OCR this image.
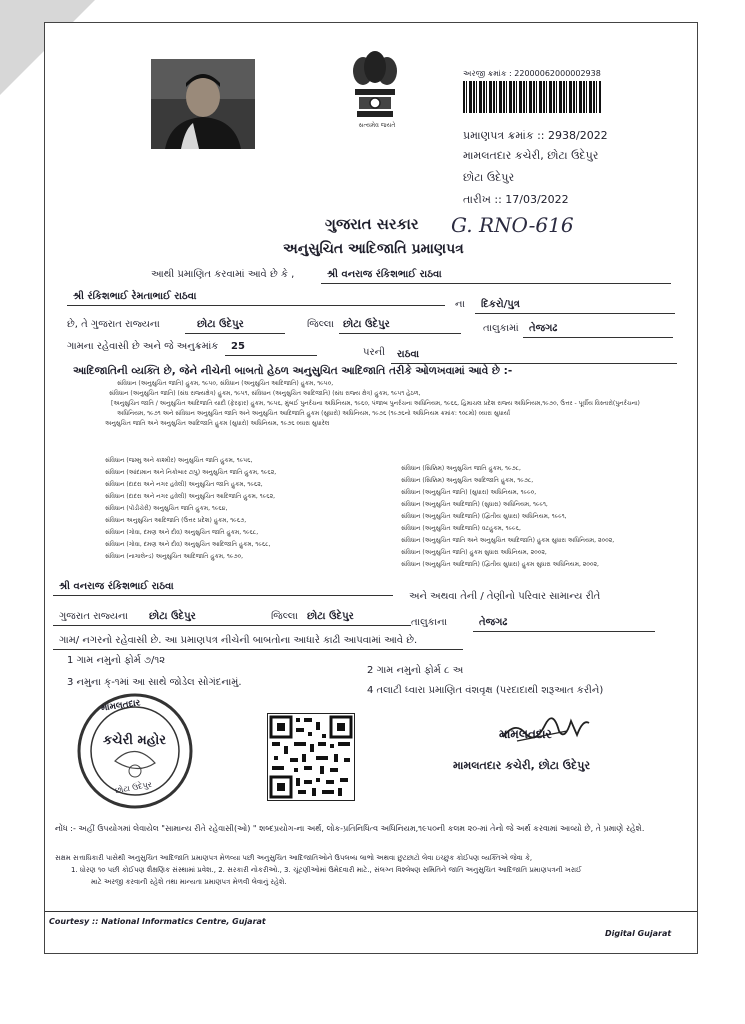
સત્યમેવ જયતે
અરજી ક્રમાંક : 22000062000002938
પ્રમાણપત્ર ક્રમાંક :: 2938/2022
મામલતદાર કચેરી, છોટા ઉદેપુર
છોટા ઉદેપુર
તારીખ :: 17/03/2022
G. RNO-616
ગુજરાત સરકાર
અનુસુચિત આદિજાતિ પ્રમાણપત્ર
આથી પ્રમાણિત કરવામાં આવે છે કે ,	શ્રી વનરાજ રંકિશભાઈ રાઠવા
શ્રી રંકિશભાઈ રેમતાભાઈ રાઠવા
ના દિકરો/પુત્ર
છે, તે ગુજરાત રાજ્યના	છોટા ઉદેપુર	જિલ્લા છોટા ઉદેપુર	તાલુકામાં તેજગઢ
ગામના રહેવાસી છે અને જે અનુક્રમાંક 25
પરની રાઠવા
આદિજાતિની વ્યક્તિ છે, જેને નીચેની બાબતો હેઠળ અનુસુચિત આદિજાતિ તરીકે ઓળખવામાં આવે છે :-
સંવિધાન (અનુસુચિત જાતિ) હુકમ, ૧૯૫૦, સંવિધાન (અનુસુચિત આદિજાતિ) હુકમ, ૧૯૫૦,
સંવિધાન (અનુસુચિત જાતિ) (સંઘ રાજ્યક્ષેત્ર) હુકમ, ૧૯૫૧, સંવિધાન (અનુસુચિત આદિજાતિ) (સંઘ રાજ્ય ક્ષેત્ર) હુકમ, ૧૯૫૧ હેઠળ,
[અનુસુચિત જાતિ / અનુસુચિત આદિજાતિ યાદી (ફેરફાર) હુકમ, ૧૯૫૬, મુંબઈ પુનર્રચના અધિનિયમ, ૧૯૬૦, પંજાબ પુનર્રચના અધિનિયમ, ૧૯૬૬, હિમાચલ પ્રદેશ રાજ્ય અધિનિયમ,૧૯૭૦, ઉત્તર - પૂર્વીય વિસ્તારો(પુનર્રચના)
અધિનિયમ, ૧૯૭૧ અને સંવિધાન અનુસુચિત જાતિ અને અનુસુચિત આદિજાતિ હુકમ (સુધારો) અધિનિયમ, ૧૯૭૬ (૧૯૭૬નો અધિનિયમ ક્રમાંક: ૧૦૮મો) વ્યારા સુધાર્યા
અનુસુચિત જાતિ અને અનુસુચિત આદિજાતિ હુકમ (સુધારો) અધિનિયમ, ૧૯૭૬ વ્યારા સુધારેલ
સંવિધાન (જમ્મુ અને કાશ્મીર) અનુસુચિત જાતિ હુકમ, ૧૯૫૬,
સંવિધાન (આંદામાન અને નિકોબાર ટાપુ) અનુસુચિત જાતિ હુકમ, ૧૯૬૨,
સંવિધાન (દાદરા અને નગર હવેલી) અનુસુચિત જાતિ હુકમ, ૧૯૬૨,
સંવિધાન (દાદરા અને નગર હવેલી) અનુસુચિત આદિજાતિ હુકમ, ૧૯૬૨,
સંવિધાન (પોંડીચેરી) અનુસુચિત જાતિ હુકમ, ૧૯૬૪,
સંવિધાન અનુસુચિત આદિજાતિ (ઉત્તર પ્રદેશ) હુકમ, ૧૯૬૭,
સંવિધાન (ગોવા, દમણ અને દીવ) અનુસુચિત જાતિ હુકમ, ૧૯૬૮,
સંવિધાન (ગોવા, દમણ અને દીવ) અનુસુચિત આદિજાતિ હુકમ, ૧૯૬૮,
સંવિધાન (નાગાલેન્ડ) અનુસુચિત આદિજાતિ હુકમ, ૧૯૭૦,
સંવિધાન (સિક્કિમ) અનુસુચિત જાતિ હુકમ, ૧૯૭૮,
સંવિધાન (સિક્કિમ) અનુસુચિત આદિજાતિ હુકમ, ૧૯૭૮,
સંવિધાન (અનુસુચિત જાતિ) (સુધારા) અધિનિયમ, ૧૯૯૦,
સંવિધાન (અનુસુચિત આદિજાતિ) (સુધારા) અધિનિયમ, ૧૯૯૧,
સંવિધાન (અનુસુચિત આદિજાતિ) (દ્વિતીય સુધારા) અધિનિયમ, ૧૯૯૧,
સંવિધાન (અનુસુચિત આદિજાતિ) વટહુકમ, ૧૯૯૬,
સંવિધાન (અનુસુચિત જાતિ અને અનુસુચિત આદિજાતિ) હુકમ સુધારા અધિનિયમ, ૨૦૦૨,
સંવિધાન (અનુસુચિત જાતિ) હુકમ સુધારા અધિનિયમ, ૨૦૦૨,
સંવિધાન (અનુસુચિત આદિજાતિ) (દ્વિતીય સુધારા) હુકમ સુધારા અધિનિયમ, ૨૦૦૨,
શ્રી વનરાજ રંકિશભાઈ રાઠવા
અને અથવા તેની / તેણીનો પરિવાર સામાન્ય રીતે
ગુજરાત રાજ્યના છોટા ઉદેપુર	જિલ્લા છોટા ઉદેપુર
તાલુકાના	તેજગઢ
ગામ/ નગરનો રહેવાસી છે. આ પ્રમાણપત્ર નીચેની બાબતોના આધારે કાઢી આપવામાં આવે છે.
1 ગામ નમુનો ફોર્મ ૭/૧૨
2 ગામ નમુનો ફોર્મ ૮ અ
3 નમુના ક્-૧માં આ સાથે જોડેલ સોગંદનામું.
4 તલાટી ધ્વારા પ્રમાણિત વંશવૃક્ષ (પરદાદાથી શરૂઆત કરીને)
મામલતદાર
કચેરી મહોર
છોટા ઉદેપુર
મામલતદાર
મામલતદાર કચેરી, છોટા ઉદેપુર
નોંધ :- અહીં ઉપયોગમાં લેવાયેલ "સામાન્ય રીતે રહેવાસી(ઓ) " શબ્દપ્રયોગ-ના અર્થ, લોક-પ્રતિનિધિત્વ અધિનિયમ,૧૯૫૦ની કલમ ૨૦-માં તેનો જે અર્થ કરવામાં આવ્યો છે, તે પ્રમાણે રહેશે.
સક્ષમ સત્તાધિકારી પાસેથી અનુસુચિત આદિજાતિ પ્રમાણપત્ર મેળવ્યા પછી અનુસુચિત આદિજાતિઓને ઉપલબ્ધ લાભો અથવા છુટછાટો લેવા ઇચ્છુક કોઈપણ વ્યક્તિએ જેવા કે,
1. ધોરણ ૧૦ પછી કોઈપણ શૈક્ષણિક સંસ્થામાં પ્રવેશ., 2. સરકારી નોકરીઓ., 3. ચૂંટણીઓમાં ઉમેદવારી માટે., સંલગ્ન વિશ્લેષણ સમિતિને જાતિ અનુસુચિત આદિજાતિ પ્રમાણપત્રની ખરાઈ
માટે અરજી કરવાની રહેશે તથા માન્યતા પ્રમાણપત્ર મેળવી લેવાનું રહેશે.
Courtesy :: National Informatics Centre, Gujarat
Digital Gujarat
